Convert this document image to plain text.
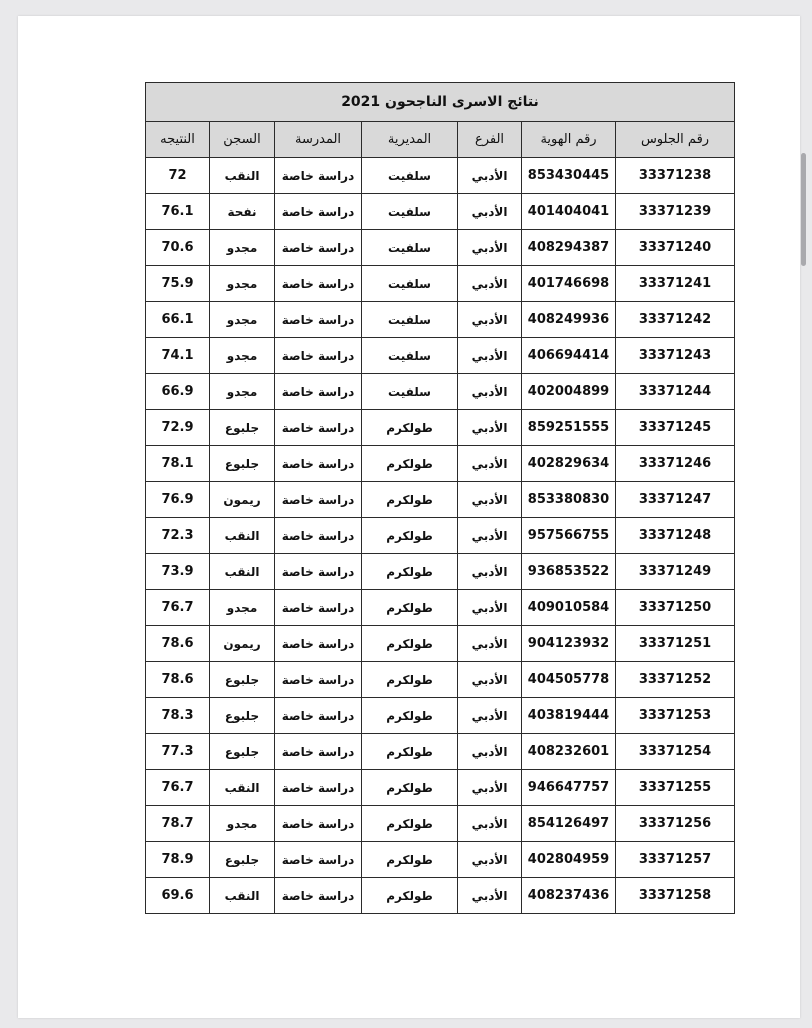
نتائج الاسرى الناجحون 2021						
رقم الجلوس	رقم الهوية	الفرع	المديرية	المدرسة	السجن	النتيجه
33371238	853430445	الأدبي	سلفيت	دراسة خاصة	النقب	72
33371239	401404041	الأدبي	سلفيت	دراسة خاصة	نفحة	76.1
33371240	408294387	الأدبي	سلفيت	دراسة خاصة	مجدو	70.6
33371241	401746698	الأدبي	سلفيت	دراسة خاصة	مجدو	75.9
33371242	408249936	الأدبي	سلفيت	دراسة خاصة	مجدو	66.1
33371243	406694414	الأدبي	سلفيت	دراسة خاصة	مجدو	74.1
33371244	402004899	الأدبي	سلفيت	دراسة خاصة	مجدو	66.9
33371245	859251555	الأدبي	طولكرم	دراسة خاصة	جلبوع	72.9
33371246	402829634	الأدبي	طولكرم	دراسة خاصة	جلبوع	78.1
33371247	853380830	الأدبي	طولكرم	دراسة خاصة	ريمون	76.9
33371248	957566755	الأدبي	طولكرم	دراسة خاصة	النقب	72.3
33371249	936853522	الأدبي	طولكرم	دراسة خاصة	النقب	73.9
33371250	409010584	الأدبي	طولكرم	دراسة خاصة	مجدو	76.7
33371251	904123932	الأدبي	طولكرم	دراسة خاصة	ريمون	78.6
33371252	404505778	الأدبي	طولكرم	دراسة خاصة	جلبوع	78.6
33371253	403819444	الأدبي	طولكرم	دراسة خاصة	جلبوع	78.3
33371254	408232601	الأدبي	طولكرم	دراسة خاصة	جلبوع	77.3
33371255	946647757	الأدبي	طولكرم	دراسة خاصة	النقب	76.7
33371256	854126497	الأدبي	طولكرم	دراسة خاصة	مجدو	78.7
33371257	402804959	الأدبي	طولكرم	دراسة خاصة	جلبوع	78.9
33371258	408237436	الأدبي	طولكرم	دراسة خاصة	النقب	69.6
